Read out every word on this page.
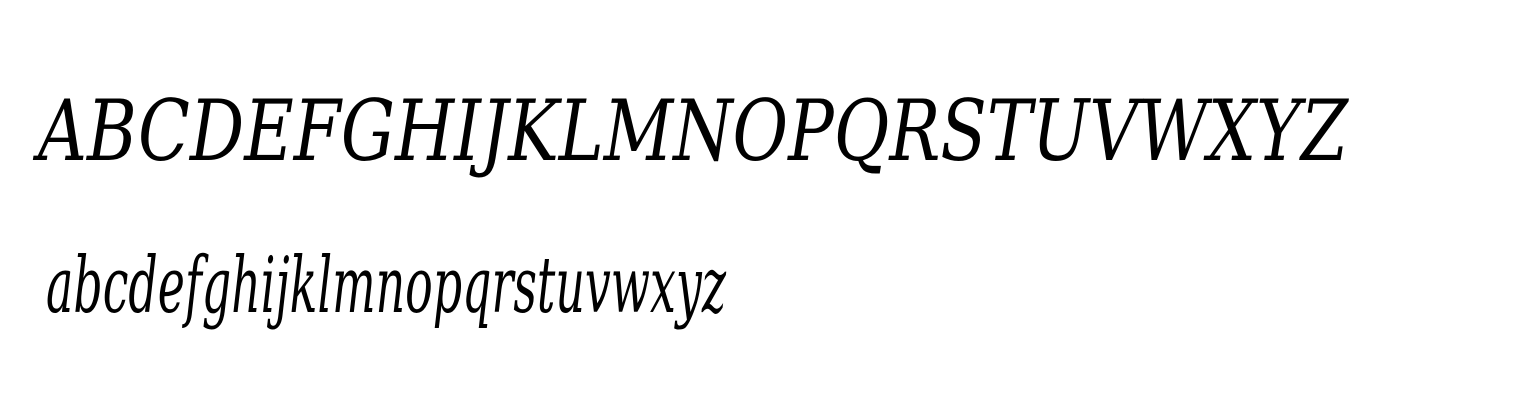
ABCDEFGHIJKLMNOPQRSTUVWXYZ
abcdefghijklmnopqrstuvwxyz
